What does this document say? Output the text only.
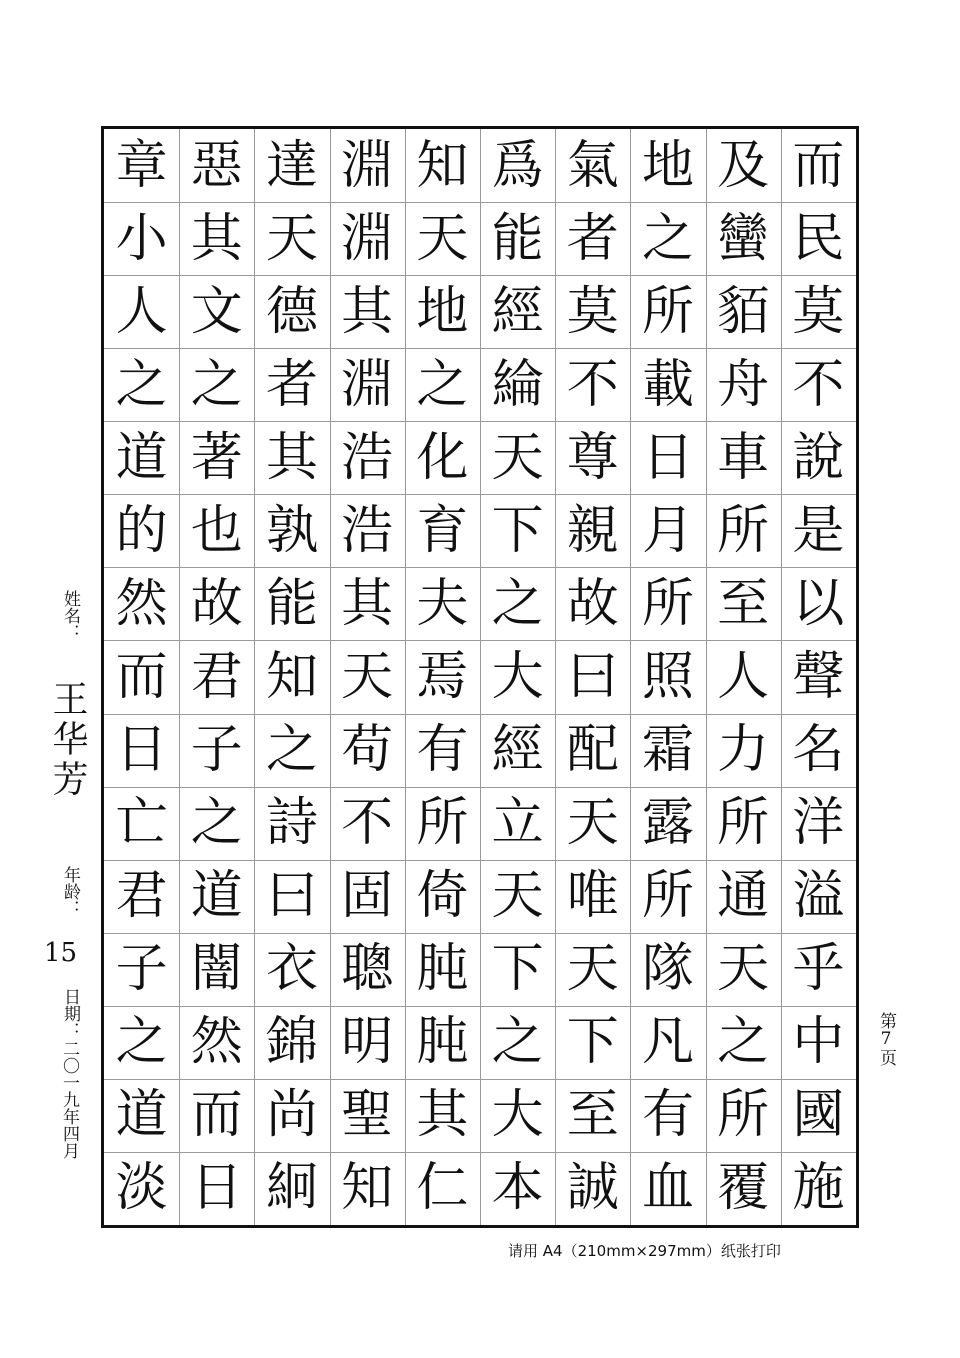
而
民
莫
不
說
是
以
聲
名
洋
溢
乎
中
國
施
及
蠻
貊
舟
車
所
至
人
力
所
通
天
之
所
覆
地
之
所
載
日
月
所
照
霜
露
所
隊
凡
有
血
氣
者
莫
不
尊
親
故
曰
配
天
唯
天
下
至
誠
爲
能
經
綸
天
下
之
大
經
立
天
下
之
大
本
知
天
地
之
化
育
夫
焉
有
所
倚
肫
肫
其
仁
淵
淵
其
淵
浩
浩
其
天
苟
不
固
聰
明
聖
知
達
天
德
者
其
孰
能
知
之
詩
曰
衣
錦
尚
絅
惡
其
文
之
著
也
故
君
子
之
道
闇
然
而
日
章
小
人
之
道
的
然
而
日
亡
君
子
之
道
淡
姓名：
王华芳
年龄：
15
日期：
二〇一九年四月
第7页
请用 A4（210mm×297mm）纸张打印
